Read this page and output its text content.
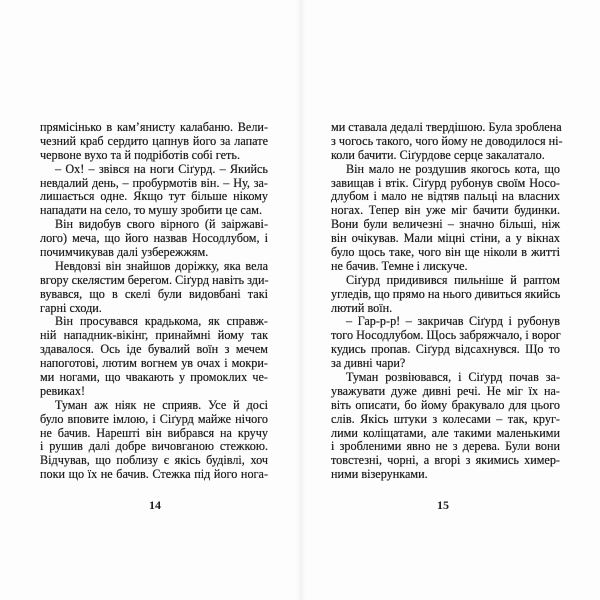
прямісінько в кам’янисту калабаню. Вели-
чезний краб сердито цапнув його за лапате
червоне вухо та й подріботів собі геть.
– Ох! – звівся на ноги Сіґурд. – Якийсь
невдалий день, – пробурмотів він. – Ну, за-
лишається одне. Якщо тут більше нікому
нападати на село, то мушу зробити це сам.
Він видобув свого вірного (й заіржаві-
лого) меча, що його назвав Носодлубом, і
почимчикував далі узбережжям.
Невдовзі він знайшов доріжку, яка вела
вгору скелястим берегом. Сіґурд навіть зди-
вувався, що в скелі були видовбані такі
гарні сходи.
Він просувався крадькома, як справж-
ній нападник-вікінг, принаймні йому так
здавалося. Ось іде бувалий воїн з мечем
напоготові, лютим вогнем ув очах і мокри-
ми ногами, що чвакають у промоклих че-
ревиках!
Туман аж ніяк не сприяв. Усе й досі
було вповите імлою, і Сіґурд майже нічого
не бачив. Нарешті він вибрався на кручу
і рушив далі добре вичовганою стежкою.
Відчував, що поблизу є якісь будівлі, хоч
поки що їх не бачив. Стежка під його нога-
ми ставала дедалі твердішою. Була зроблена
з чогось такого, чого йому не доводилося ні-
коли бачити. Сіґурдове серце закалатало.
Він мало не роздушив якогось кота, що
завищав і втік. Сіґурд рубонув своїм Носо-
длубом і мало не відтяв пальці на власних
ногах. Тепер він уже міг бачити будинки.
Вони були величезні – значно більші, ніж
він очікував. Мали міцні стіни, а у вікнах
було щось таке, чого він ще ніколи в житті
не бачив. Темне і лискуче.
Сіґурд придивився пильніше й раптом
угледів, що прямо на нього дивиться якийсь
лютий воїн.
– Гар-р-р! – закричав Сіґурд і рубонув
того Носодлубом. Щось забряжчало, і ворог
кудись пропав. Сіґурд відсахнувся. Що то
за дивні чари?
Туман розвіювався, і Сіґурд почав за-
уважувати дуже дивні речі. Не міг їх на-
віть описати, бо йому бракувало для цього
слів. Якісь штуки з колесами – так, круг-
лими коліщатами, але такими маленькими
і зробленими явно не з дерева. Були вони
товстезні, чорні, а вгорі з якимись химер-
ними візерунками.
14	15
